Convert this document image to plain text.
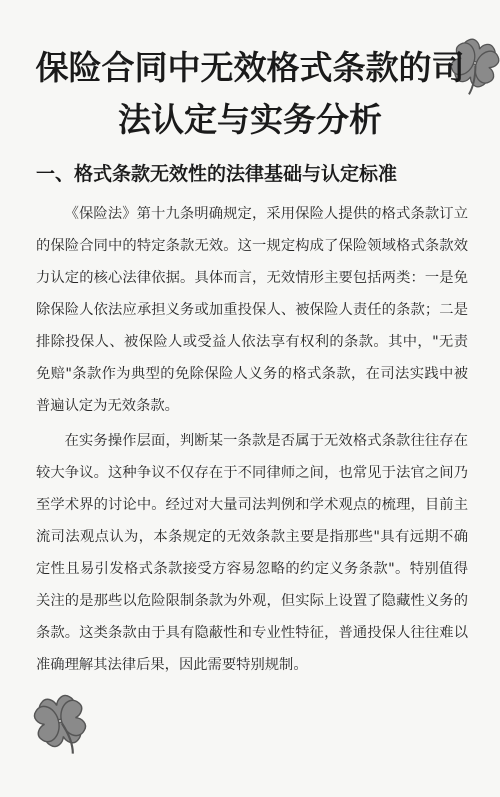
保险合同中无效格式条款的司法认定与实务分析
一、格式条款无效性的法律基础与认定标准

《保险法》第十九条明确规定，采用保险人提供的格式条款订立的保险合同中的特定条款无效。这一规定构成了保险领域格式条款效力认定的核心法律依据。具体而言，无效情形主要包括两类：一是免除保险人依法应承担义务或加重投保人、被保险人责任的条款；二是排除投保人、被保险人或受益人依法享有权利的条款。其中，"无责免赔"条款作为典型的免除保险人义务的格式条款，在司法实践中被普遍认定为无效条款。

在实务操作层面，判断某一条款是否属于无效格式条款往往存在较大争议。这种争议不仅存在于不同律师之间，也常见于法官之间乃至学术界的讨论中。经过对大量司法判例和学术观点的梳理，目前主流司法观点认为，本条规定的无效条款主要是指那些"具有远期不确定性且易引发格式条款接受方容易忽略的约定义务条款"。特别值得关注的是那些以危险限制条款为外观，但实际上设置了隐藏性义务的条款。这类条款由于具有隐蔽性和专业性特征，普通投保人往往难以准确理解其法律后果，因此需要特别规制。
